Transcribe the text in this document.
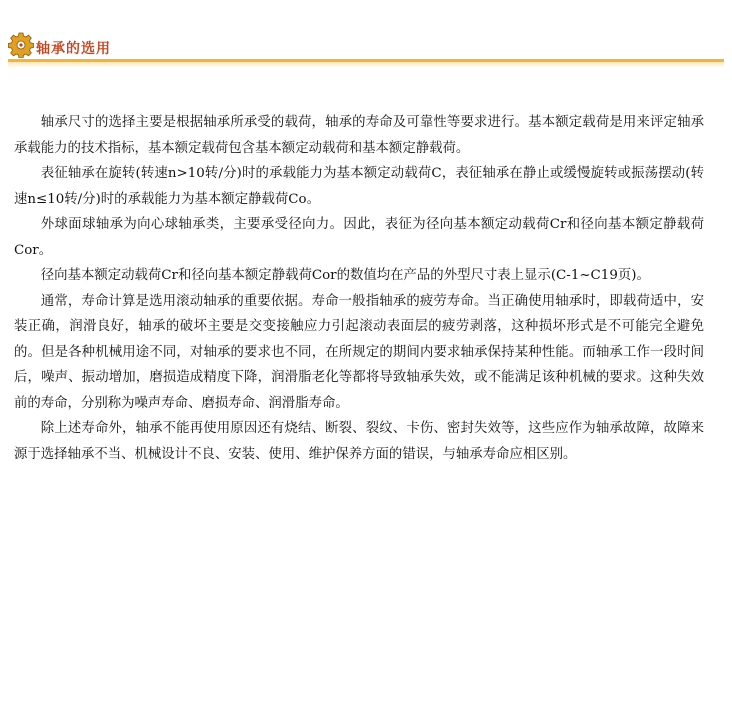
轴承的选用

轴承尺寸的选择主要是根据轴承所承受的载荷，轴承的寿命及可靠性等要求进行。基本额定载荷是用来评定轴承承载能力的技术指标，基本额定载荷包含基本额定动载荷和基本额定静载荷。

表征轴承在旋转(转速n>10转/分)时的承载能力为基本额定动载荷C，表征轴承在静止或缓慢旋转或振荡摆动(转速n≤10转/分)时的承载能力为基本额定静载荷Co。

外球面球轴承为向心球轴承类，主要承受径向力。因此，表征为径向基本额定动载荷Cr和径向基本额定静载荷Cor。

径向基本额定动载荷Cr和径向基本额定静载荷Cor的数值均在产品的外型尺寸表上显示(C-1~C19页)。

通常，寿命计算是选用滚动轴承的重要依据。寿命一般指轴承的疲劳寿命。当正确使用轴承时，即载荷适中，安装正确，润滑良好，轴承的破坏主要是交变接触应力引起滚动表面层的疲劳剥落，这种损坏形式是不可能完全避免的。但是各种机械用途不同，对轴承的要求也不同，在所规定的期间内要求轴承保持某种性能。而轴承工作一段时间后，噪声、振动增加，磨损造成精度下降，润滑脂老化等都将导致轴承失效，或不能满足该种机械的要求。这种失效前的寿命，分别称为噪声寿命、磨损寿命、润滑脂寿命。

除上述寿命外，轴承不能再使用原因还有烧结、断裂、裂纹、卡伤、密封失效等，这些应作为轴承故障，故障来源于选择轴承不当、机械设计不良、安装、使用、维护保养方面的错误，与轴承寿命应相区别。
